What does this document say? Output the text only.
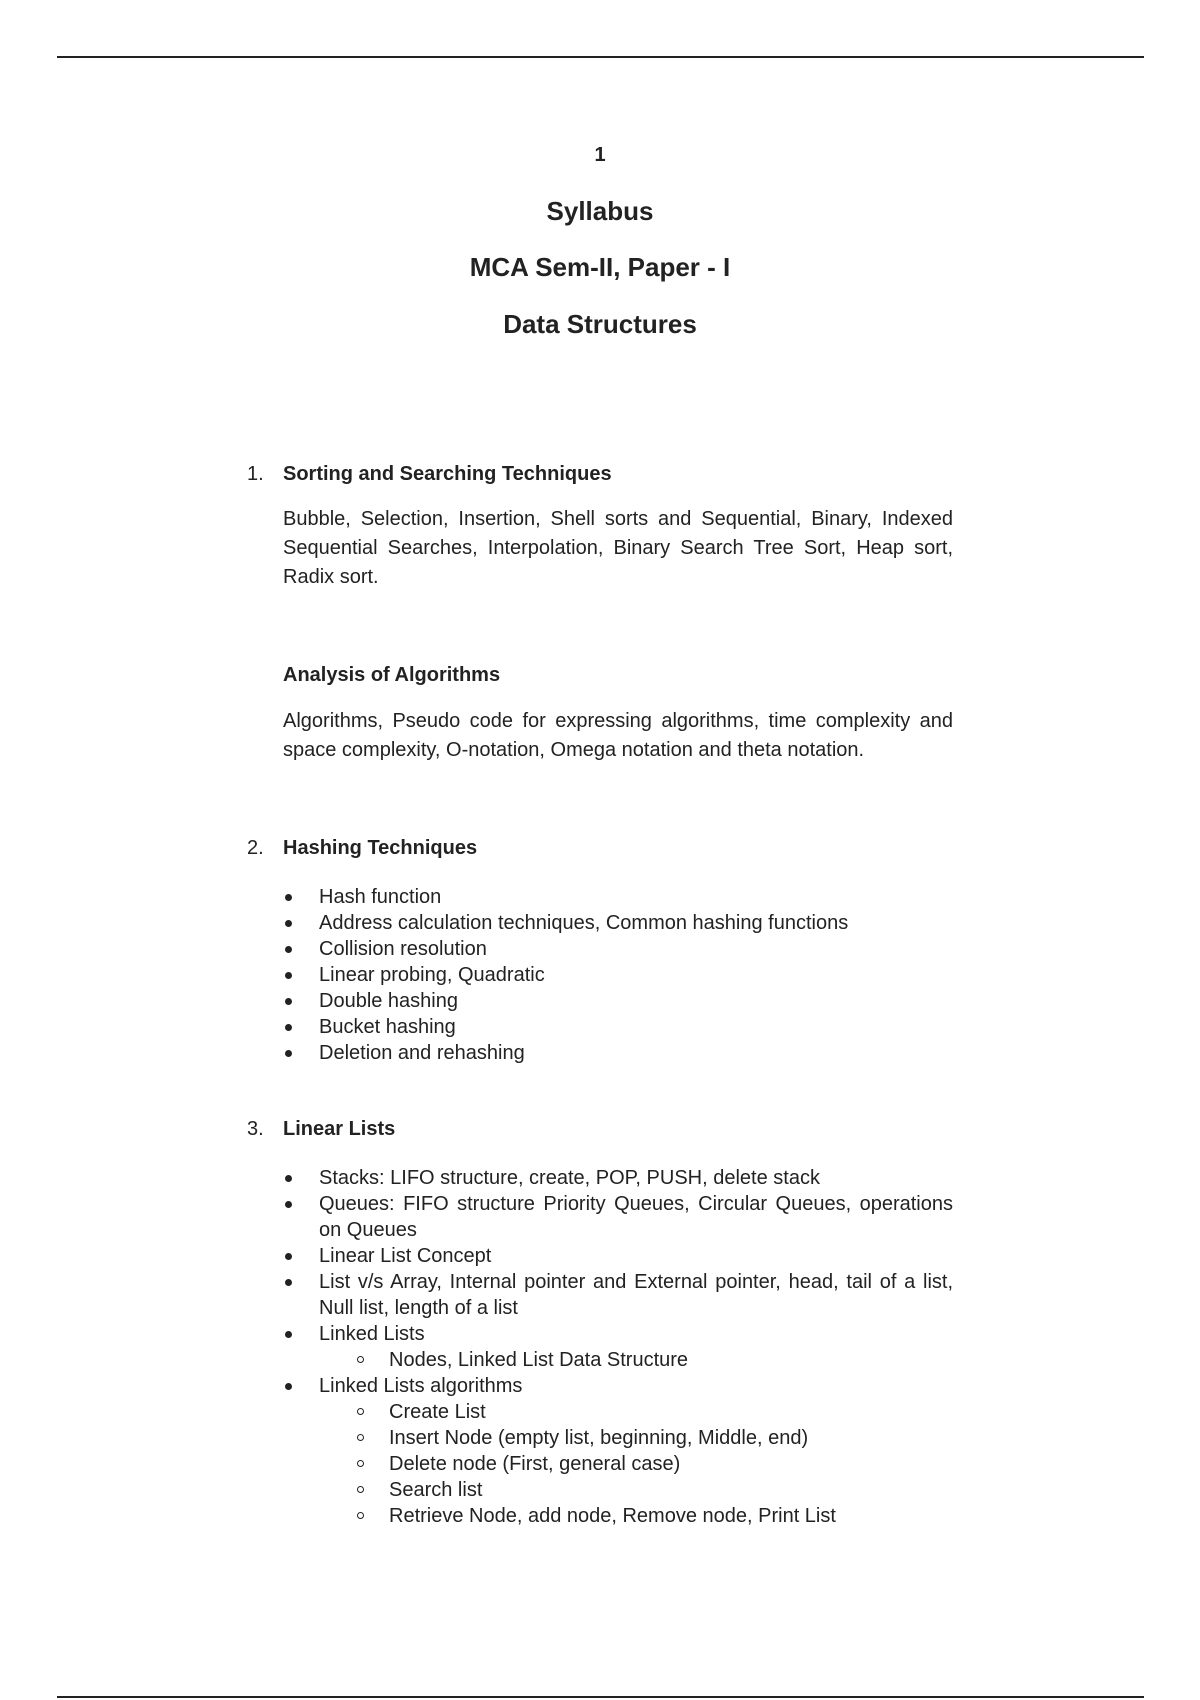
1
Syllabus
MCA Sem-II, Paper - I
Data Structures
1. Sorting and Searching Techniques
Bubble, Selection, Insertion, Shell sorts and Sequential, Binary, Indexed Sequential Searches, Interpolation, Binary Search Tree Sort, Heap sort, Radix sort.
Analysis of Algorithms
Algorithms, Pseudo code for expressing algorithms, time complexity and space complexity, O-notation, Omega notation and theta notation.
2. Hashing Techniques
Hash function
Address calculation techniques, Common hashing functions
Collision resolution
Linear probing, Quadratic
Double hashing
Bucket hashing
Deletion and rehashing
3. Linear Lists
Stacks: LIFO structure, create, POP, PUSH, delete stack
Queues: FIFO structure Priority Queues, Circular Queues, operations on Queues
Linear List Concept
List v/s Array, Internal pointer and External pointer, head, tail of a list, Null list, length of a list
Linked Lists
Nodes, Linked List Data Structure
Linked Lists algorithms
Create List
Insert Node (empty list, beginning, Middle, end)
Delete node (First, general case)
Search list
Retrieve Node, add node, Remove node, Print List
